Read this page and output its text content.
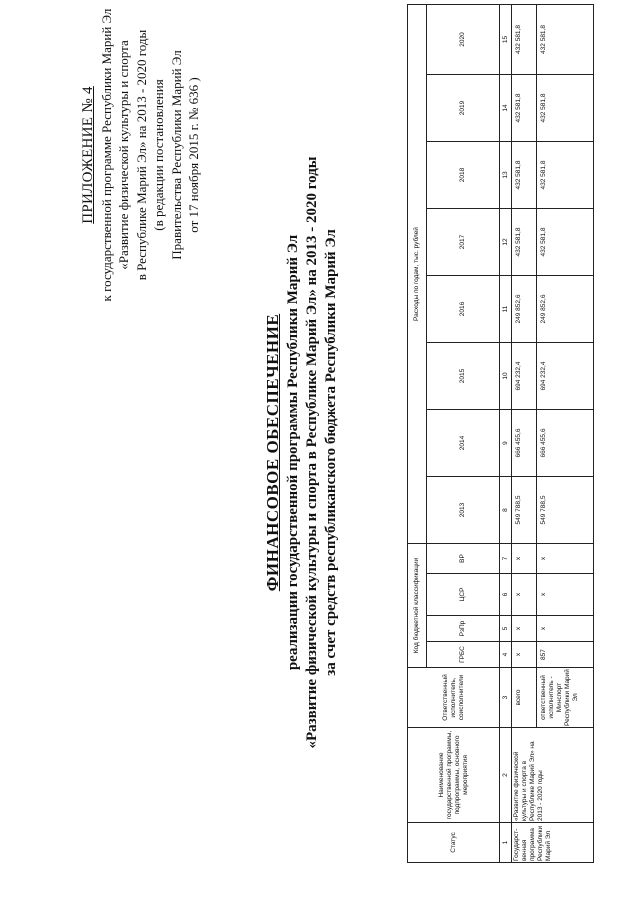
ПРИЛОЖЕНИЕ № 4 к государственной программе Республики Марий Эл «Развитие физической культуры и спорта в Республике Марий Эл» на 2013 - 2020 годы (в редакции постановления Правительства Республики Марий Эл от 17 ноября 2015 г. № 636 )
ФИНАНСОВОЕ ОБЕСПЕЧЕНИЕ реализации государственной программы Республики Марий Эл «Развитие физической культуры и спорта в Республике Марий Эл» на 2013 - 2020 годы за счет средств республиканского бюджета Республики Марий Эл
Статус	Наименование государственной программы, подпрограммы, основного мероприятия	Ответственный исполнитель, соисполнители	Код бюджетной классификации				Расходы по годам, тыс. рублей							
			ГРБС	РзПр	ЦСР	ВР	2013	2014	2015	2016	2017	2018	2019	2020
1	2	3	4	5	6	7	8	9	10	11	12	13	14	15
Государст-венная программа Республики Марий Эл	«Развитие физической культуры и спорта в Республике Марий Эл» на 2013 - 2020 годы	всего	x	x	x	x	549 788,5	666 455,6	694 232,4	249 852,6	432 581,8	432 581,8	432 581,8	432 581,8
		ответственный исполнитель - Минспорт Республики Марий Эл	857	x	x	x	549 788,5	666 455,6	694 232,4	249 852,6	432 581,8	432 581,8	432 581,8	432 581,8
